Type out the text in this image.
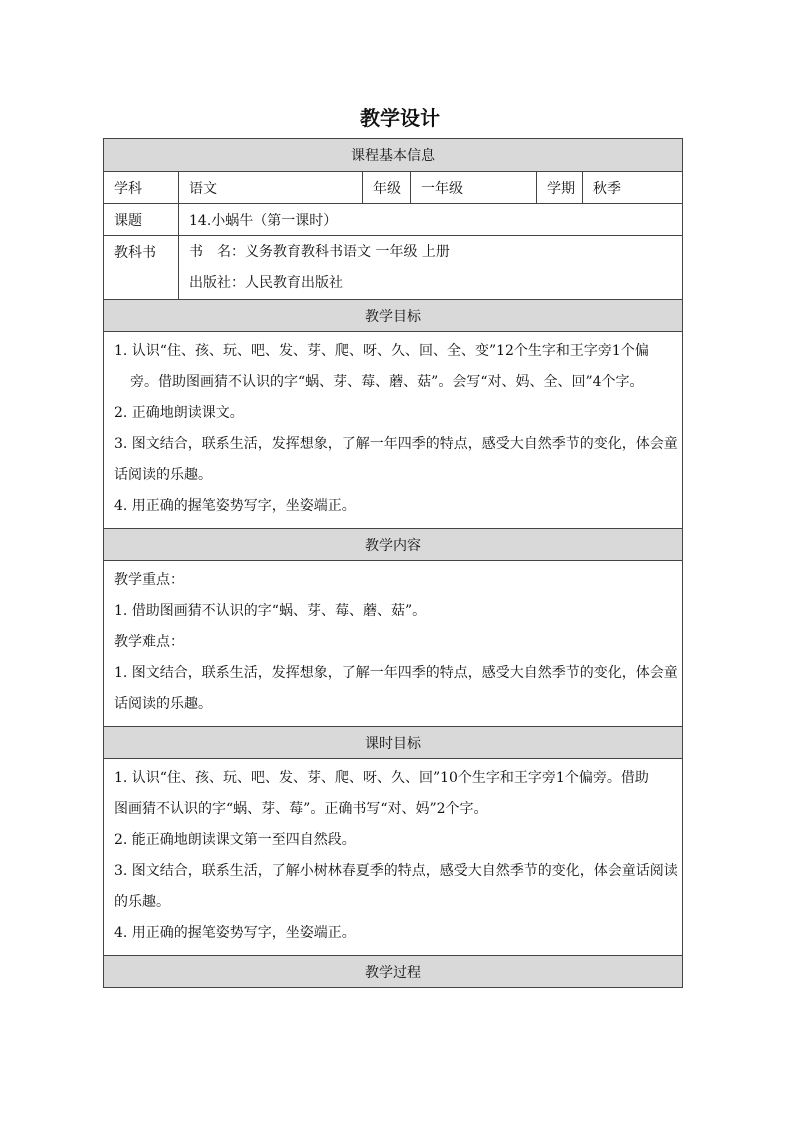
教学设计
课程基本信息
学科	语文	年级	一年级	学期	秋季
课题	14.小蜗牛（第一课时）
教科书	书　名：义务教育教科书语文 一年级 上册
出版社：人民教育出版社
教学目标
1. 认识“住、孩、玩、吧、发、芽、爬、呀、久、回、全、变”12个生字和王字旁1个偏
旁。借助图画猜不认识的字“蜗、芽、莓、蘑、菇”。会写“对、妈、全、回”4个字。
2. 正确地朗读课文。
3. 图文结合，联系生活，发挥想象，了解一年四季的特点，感受大自然季节的变化，体会童
话阅读的乐趣。
4. 用正确的握笔姿势写字，坐姿端正。
教学内容
教学重点：
1. 借助图画猜不认识的字“蜗、芽、莓、蘑、菇”。
教学难点：
1. 图文结合，联系生活，发挥想象，了解一年四季的特点，感受大自然季节的变化，体会童
话阅读的乐趣。
课时目标
1. 认识“住、孩、玩、吧、发、芽、爬、呀、久、回”10个生字和王字旁1个偏旁。借助
图画猜不认识的字“蜗、芽、莓”。正确书写“对、妈”2个字。
2. 能正确地朗读课文第一至四自然段。
3. 图文结合，联系生活，了解小树林春夏季的特点，感受大自然季节的变化，体会童话阅读
的乐趣。
4. 用正确的握笔姿势写字，坐姿端正。
教学过程
